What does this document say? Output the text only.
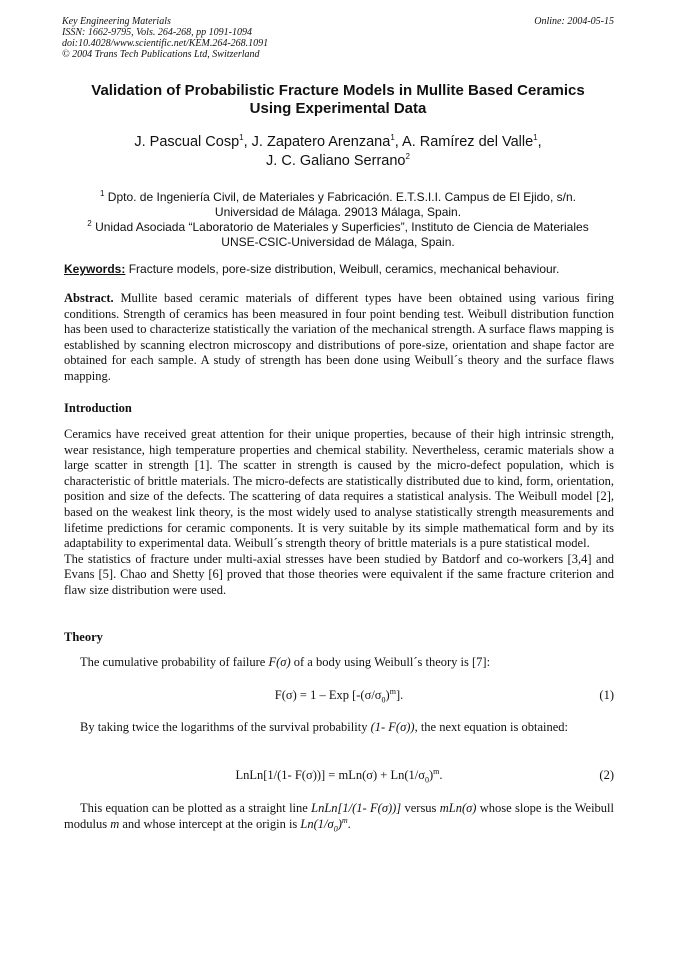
Key Engineering Materials
ISSN: 1662-9795, Vols. 264-268, pp 1091-1094
doi:10.4028/www.scientific.net/KEM.264-268.1091
© 2004 Trans Tech Publications Ltd, Switzerland
Online: 2004-05-15
Validation of Probabilistic Fracture Models in Mullite Based Ceramics
Using Experimental Data
J. Pascual Cosp$^1$, J. Zapatero Arenzana$^1$, A. Ramírez del Valle$^1$,
J. C. Galiano Serrano$^2$
$^1$ Dpto. de Ingeniería Civil, de Materiales y Fabricación. E.T.S.I.I. Campus de El Ejido, s/n.
Universidad de Málaga. 29013 Málaga, Spain.
$^2$ Unidad Asociada “Laboratorio de Materiales y Superficies”, Instituto de Ciencia de Materiales
UNSE-CSIC-Universidad de Málaga, Spain.
Keywords: Fracture models, pore-size distribution, Weibull, ceramics, mechanical behaviour.
Abstract. Mullite based ceramic materials of different types have been obtained using various firing conditions. Strength of ceramics has been measured in four point bending test. Weibull distribution function has been used to characterize statistically the variation of the mechanical strength. A surface flaws mapping is established by scanning electron microscopy and distributions of pore-size, orientation and shape factor are obtained for each sample. A study of strength has been done using Weibull´s theory and the surface flaws mapping.
Introduction
Ceramics have received great attention for their unique properties, because of their high intrinsic strength, wear resistance, high temperature properties and chemical stability. Nevertheless, ceramic materials show a large scatter in strength [1]. The scatter in strength is caused by the micro-defect population, which is characteristic of brittle materials. The micro-defects are statistically distributed due to kind, form, orientation, position and size of the defects. The scattering of data requires a statistical analysis. The Weibull model [2], based on the weakest link theory, is the most widely used to analyse statistically strength measurements and lifetime predictions for ceramic components. It is very suitable by its simple mathematical form and by its adaptability to experimental data. Weibull´s strength theory of brittle materials is a pure statistical model.
The statistics of fracture under multi-axial stresses have been studied by Batdorf and co-workers [3,4] and Evans [5]. Chao and Shetty [6] proved that those theories were equivalent if the same fracture criterion and flaw size distribution were used.
Theory
The cumulative probability of failure F(σ) of a body using Weibull´s theory is [7]:
F(σ) = 1 – Exp $[-(\sigma/\sigma_0)^m]$.	(1)
By taking twice the logarithms of the survival probability (1- F(σ)), the next equation is obtained:
LnLn[1/(1- $F(\sigma))] = mLn(\sigma) + Ln(1/\sigma_0)^m$.	(2)
This equation can be plotted as a straight line LnLn[1/(1- F(σ))] versus mLn(σ) whose slope is the Weibull modulus m and whose intercept at the origin is $Ln(1/\sigma_0)^m$.
